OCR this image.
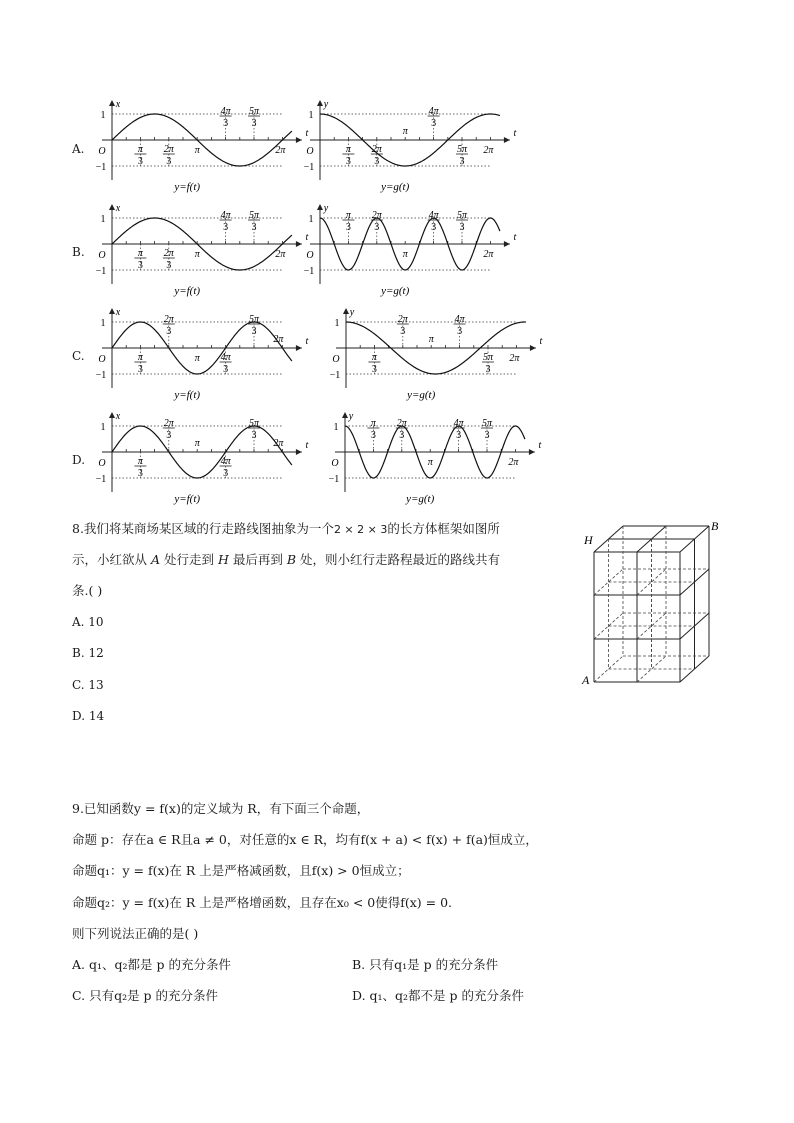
A.
B.
C.
D.
x
t
O
1
−1
π
3
2π
3
π
4π
3
5π
3
2π
y=f(t)
y
t
O
1
−1
π
3
2π
3
π
4π
3
5π
3
2π
y=g(t)
x
t
O
1
−1
π
3
2π
3
π
4π
3
5π
3
2π
y=f(t)
y
t
O
1
−1
π
3
2π
3
π
4π
3
5π
3
2π
y=g(t)
x
t
O
1
−1
π
3
2π
3
π 4π
3
5π
3
2π
y=f(t)
y
t
O
1
−1
π
3
2π
3
π
4π
3
5π
3
2π
y=g(t)
x
t
O
1
−1
π
3
2π
3
π
4π
3
5π
3
2π
y=f(t)
y
t
O
1
−1
π
3
2π
3
π
4π
3
5π
3
2π
y=g(t)
8.我们将某商场某区域的行走路线图抽象为一个2 × 2 × 3的长方体框架如图所
示，小红欲从 A 处行走到 H 最后再到 B 处，则小红行走路程最近的路线共有
条.( )
A. 10
B. 12
C. 13
D. 14
H
B
A
9.已知函数y = f(x)的定义域为 R，有下面三个命题，
命题 p：存在a ∈ R且a ≠ 0，对任意的x ∈ R，均有f(x + a) < f(x) + f(a)恒成立，
命题q₁：y = f(x)在 R 上是严格减函数，且f(x) > 0恒成立；
命题q₂：y = f(x)在 R 上是严格增函数，且存在x₀ < 0使得f(x) = 0.
则下列说法正确的是( )
A. q₁、q₂都是 p 的充分条件	B. 只有q₁是 p 的充分条件
C. 只有q₂是 p 的充分条件	D. q₁、q₂都不是 p 的充分条件
